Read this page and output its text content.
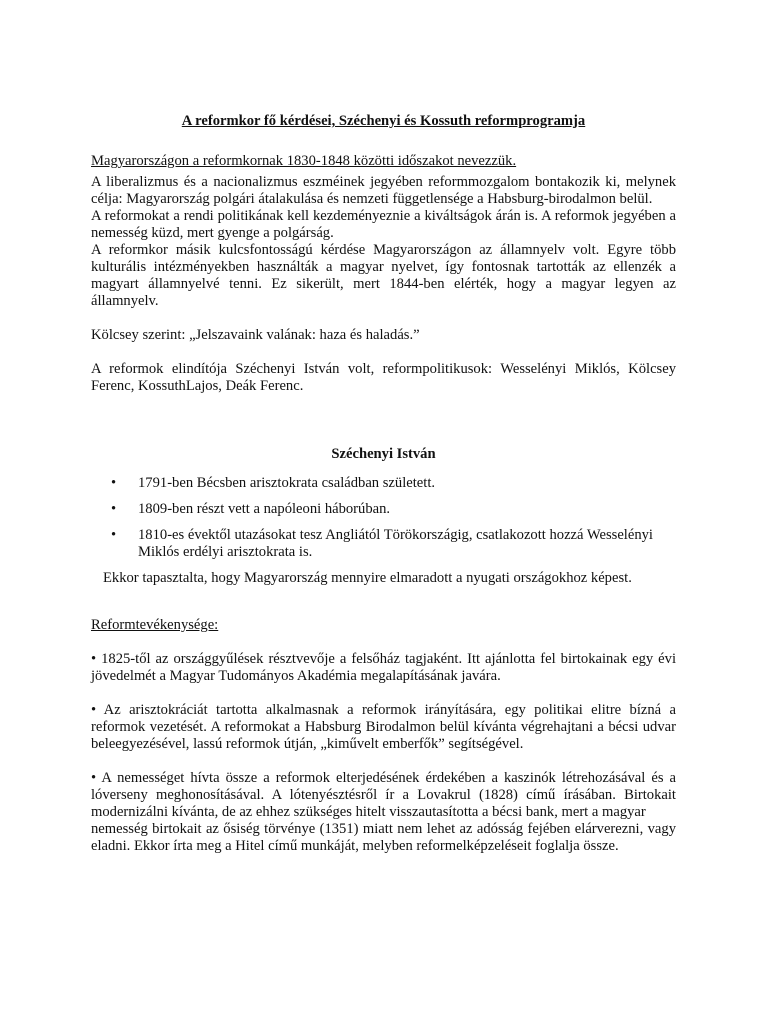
A reformkor fő kérdései, Széchenyi és Kossuth reformprogramja

Magyarországon a reformkornak 1830-1848 közötti időszakot nevezzük.

A liberalizmus és a nacionalizmus eszméinek jegyében reformmozgalom bontakozik ki, melynek célja: Magyarország polgári átalakulása és nemzeti függetlensége a Habsburg-birodalmon belül.

A reformokat a rendi politikának kell kezdeményeznie a kiváltságok árán is. A reformok jegyében a nemesség küzd, mert gyenge a polgárság.

A reformkor másik kulcsfontosságú kérdése Magyarországon az államnyelv volt. Egyre több kulturális intézményekben használták a magyar nyelvet, így fontosnak tartották az ellenzék a magyart államnyelvé tenni. Ez sikerült, mert 1844-ben elérték, hogy a magyar legyen az államnyelv.

Kölcsey szerint: „Jelszavaink valának: haza és haladás.”

A reformok elindítója Széchenyi István volt, reformpolitikusok: Wesselényi Miklós, Kölcsey Ferenc, KossuthLajos, Deák Ferenc.

Széchenyi István

• 1791-ben Bécsben arisztokrata családban született.
• 1809-ben részt vett a napóleoni háborúban.
• 1810-es évektől utazásokat tesz Angliától Törökországig, csatlakozott hozzá Wesselényi Miklós erdélyi arisztokrata is.

Ekkor tapasztalta, hogy Magyarország mennyire elmaradott a nyugati országokhoz képest.

Reformtevékenysége:

• 1825-től az országgyűlések résztvevője a felsőház tagjaként. Itt ajánlotta fel birtokainak egy évi jövedelmét a Magyar Tudományos Akadémia megalapításának javára.

• Az arisztokráciát tartotta alkalmasnak a reformok irányítására, egy politikai elitre bízná a reformok vezetését. A reformokat a Habsburg Birodalmon belül kívánta végrehajtani a bécsi udvar beleegyezésével, lassú reformok útján, „kiművelt emberfők” segítségével.

• A nemességet hívta össze a reformok elterjedésének érdekében a kaszinók létrehozásával és a lóverseny meghonosításával. A lótenyésztésről ír a Lovakrul (1828) című írásában. Birtokait modernizálni kívánta, de az ehhez szükséges hitelt visszautasította a bécsi bank, mert a magyar

nemesség birtokait az ősiség törvénye (1351) miatt nem lehet az adósság fejében elárverezni, vagy eladni. Ekkor írta meg a Hitel című munkáját, melyben reformelképzeléseit foglalja össze.
